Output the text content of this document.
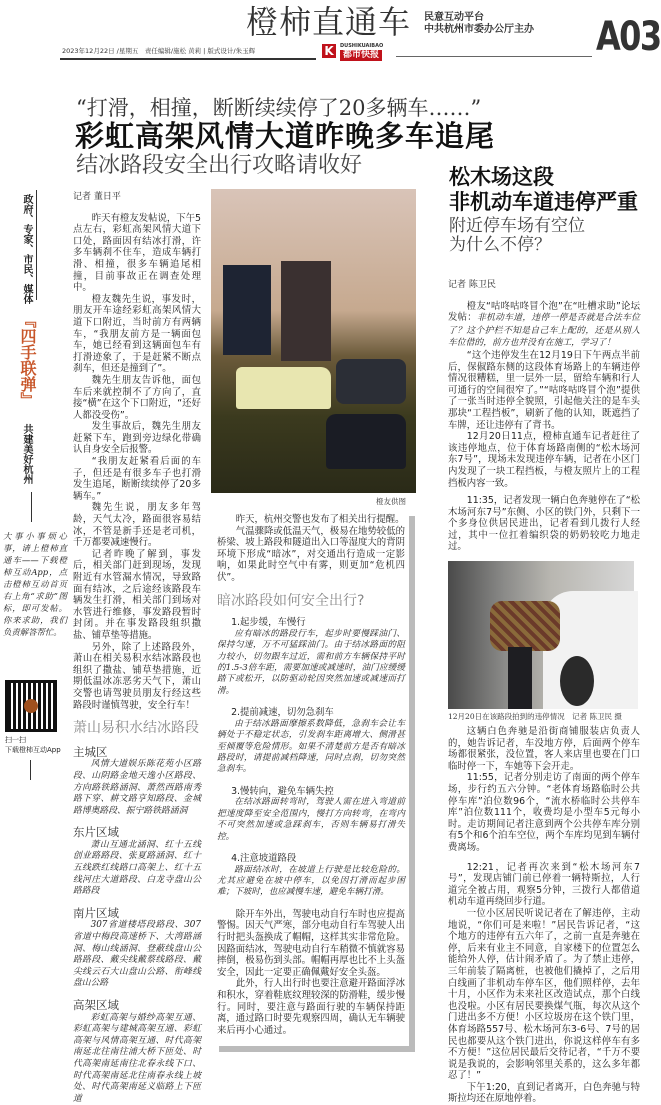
橙柿直通车 民意互动平台
中共杭州市委办公厅主办 A03
2023年12月22日 /星期五　责任编辑/施松 黄莉 | 版式设计/朱玉辉	K	DUSHIKUAIBAO
都市快报
“打滑，相撞，断断续续停了20多辆车……”
彩虹高架风情大道昨晚多车追尾
结冰路段安全出行攻略请收好
政府、专家、市民、媒体
『四手联弹』
共建美好杭州
大事小事烦心事，请上橙柿直通车——下载橙柿互动App，点击橙柿互动首页右上角“求助”图标，即可发帖。你来求助，我们负责解答帮忙。
扫一扫
下载橙柿互动App
记者 董日平

昨天有橙友发帖说，下午5点左右，彩虹高架风情大道下口处，路面因有结冰打滑，许多车辆刹不住车，造成车辆打滑、相撞，很多车辆追尾相撞，目前事故正在调查处理中。

橙友魏先生说，事发时，朋友开车途经彩虹高架风情大道下口附近，当时前方有两辆车，“我朋友前方是一辆面包车，她已经看到这辆面包车有打滑迹象了，于是赶紧不断点刹车，但还是撞到了”。

魏先生朋友告诉他，面包车后来就控制不了方向了，直接“横”在这个下口附近，“还好人都没受伤”。

发生事故后，魏先生朋友赶紧下车，跑到旁边绿化带确认自身安全后报警。

“我朋友赶紧看后面的车子，但还是有很多车子也打滑发生追尾，断断续续停了20多辆车。”

魏先生说，朋友多年驾龄，天气太冷，路面很容易结冰，不管是新手还是老司机，千万都要减速慢行。

记者昨晚了解到，事发后，相关部门赶到现场，发现附近有水管漏水情况，导致路面有结冰，之后途经该路段车辆发生打滑，相关部门到场对水管进行维修，事发路段暂时封闭。并在事发路段组织撒盐、铺草垫等措施。

另外，除了上述路段外，萧山在相关易积水结冰路段也组织了撒盐、铺草垫措施，近期低温冰冻恶劣天气下，萧山交警也请驾驶员朋友行经这些路段时谨慎驾驶，安全行车！

萧山易积水结冰路段
主城区

风情大道娱乐陈花苑小区路段、山阴路金地天逸小区路段、方向路铁路涵洞、萧然西路南秀路下穿、耕文路亨知路段、金城路博奥路段、振宁路铁路涵洞

东片区域

萧山互通北涵洞、红十五线创业路路段、张夏路涵洞、红十五线跌红线路口高架上、红十五线河庄大道路段、白龙寺盘山公路路段

南片区域

307省道楼塔段路段、307省道中梅段高速桥下、大湾路涵洞、梅山线涵洞、登蔽线盘山公路路段、戴尖线戴蔡线路段、戴尖线云石大山盘山公路、衔峰线盘山公路

高架区域

彩虹高架与婚纱高架互通、彩虹高架与建城高架互通、彩虹高架与风情高架互通、时代高架南延北往南往浦大桥下匝处、时代高架南延南往北春永线下口、时代高架南延北往南春永线上坡处、时代高架南延义临路上下匝道

橙友供图

昨天，杭州交警也发布了相关出行提醒。

气温骤降或低温天气，极易在地势较低的桥梁、坡上路段和隧道出入口等湿度大的背阴环境下形成“暗冰”，对交通出行造成一定影响，如果此时空气中有雾，则更加“危机四伏”。

暗冰路段如何安全出行?
1.起步缓，车慢行

应有暗冰的路段行车，起步时要慢踩油门、保持匀速，万不可猛踩油门。由于结冰路面的阻力较小，切勿跟车过近，需和前方车辆保持平时的1.5-3倍车距，需要加速或减速时，油门应缓缓踏下或松开，以防驱动轮因突然加速或减速而打滑。

2.提前减速，切勿急刹车

由于结冰路面摩擦系数降低，急刹车会让车辆处于不稳定状态，引发刹车距离增大、侧滑甚至倾覆等危险情形。如果不清楚前方是否有暗冰路段时，请提前减档降速，同时点刹，切勿突然急刹车。

3.慢转向，避免车辆失控

在结冰路面转弯时，驾驶人需在进入弯道前把速度降至安全范围内，慢打方向转弯，在弯内不可突然加速或急踩刹车，否则车辆易打滑失控。

4.注意坡道路段

路面结冰时，在坡道上行驶是比较危险的。尤其应避免在坡中停车，以免因打滑而起步困难；下坡时，也应减慢车速，避免车辆打滑。

除开车外出，驾驶电动自行车时也应提高警惕。因天气严寒，部分电动自行车驾驶人出行时把头盔换成了帽帽，这样其实非常危险。因路面结冰，驾驶电动自行车稍微不慎就容易摔倒，极易伤到头部。帽帽再厚也比不上头盔安全，因此一定要正确佩戴好安全头盔。

此外，行人出行时也要注意避开路面浮冰和积水，穿着鞋底纹理较深的防滑鞋，缓步慢行。同时，要注意与路面行驶的车辆保持距离，通过路口时要先观察四周，确认无车辆驶来后再小心通过。

松木场这段
非机动车道违停严重
附近停车场有空位
为什么不停？
记者 陈卫民

橙友“咕咚咕咚冒个泡”在“吐槽求助”论坛发帖：非机动车道，违停一停是否就是合法车位了？这个护栏不知是自己车上配的，还是从别人车位借的，前方也并没有在施工，学习了！

“这个违停发生在12月19日下午两点半前后，保俶路东侧的这段体育场路上的车辆违停情况很糟糕，里一层外一层，留给车辆和行人可通行的空间很窄了。”“咕咚咕咚冒个泡”提供了一张当时违停全貌照，引起他关注的是车头那块“工程挡板”，刷新了他的认知，既遮挡了车牌，还让违停有了背书。

12月20日11点，橙柿直通车记者赶往了该违停地点，位于体育场路南侧的“松木场河东7号”，现场未发现违停车辆，记者在小区门内发现了一块工程挡板，与橙友照片上的工程挡板内容一致。

11:35，记者发现一辆白色奔驰停在了“松木场河东7号”东侧、小区的铁门外，只剩下一个多身位供居民进出，记者看到几拨行人经过，其中一位扛着编织袋的奶奶较吃力地走过。

12月20日在该路段拍到的违停情况　记者 陈卫民 摄

这辆白色奔驰是沿街商铺服装店负责人的，她告诉记者，车没地方停，后面两个停车场都很紧张，没位置，客人来店里也要在门口临时停一下，车她等下会开走。

11:55，记者分别走访了南面的两个停车场，步行约五六分钟。“老体育场路临时公共停车库”泊位数96个，“流水桥临时公共停车库”泊位数111个，收费均是小型车5元每小时。走访期间记者注意到两个公共停车库分别有5个和6个泊车空位，两个车库均见到车辆付费离场。

12:21，记者再次来到“松木场河东7号”，发现店铺门前已停着一辆特斯拉，人行道完全被占用，观察5分钟，三拨行人都借道机动车道再绕回步行道。

一位小区居民听说记者在了解违停，主动地说，“你们可是来啦！”居民告诉记者，“这个地方的违停有五六年了，之前一直是奔驰在停，后来有业主不同意，自家楼下的位置怎么能给外人停，估计闹矛盾了。为了禁止违停，三年前装了隔离桩，也被他们撬掉了，之后用白线画了非机动车停车区，他们照样停，去年十月，小区作为未来社区改造试点，那个白线也没啦。小区有居民要换煤气瓶，每次从这个门进出多不方便！小区垃圾房在这个铁门里，体育场路557号、松木场河东3-6号、7号的居民也都要从这个铁门进出，你说这样停车有多不方便！”这位居民最后交待记者，“千万不要说是我说的，会影响邻里关系的，这么多年都忍了！”

下午1:20，直到记者离开，白色奔驰与特斯拉均还在原地停着。
